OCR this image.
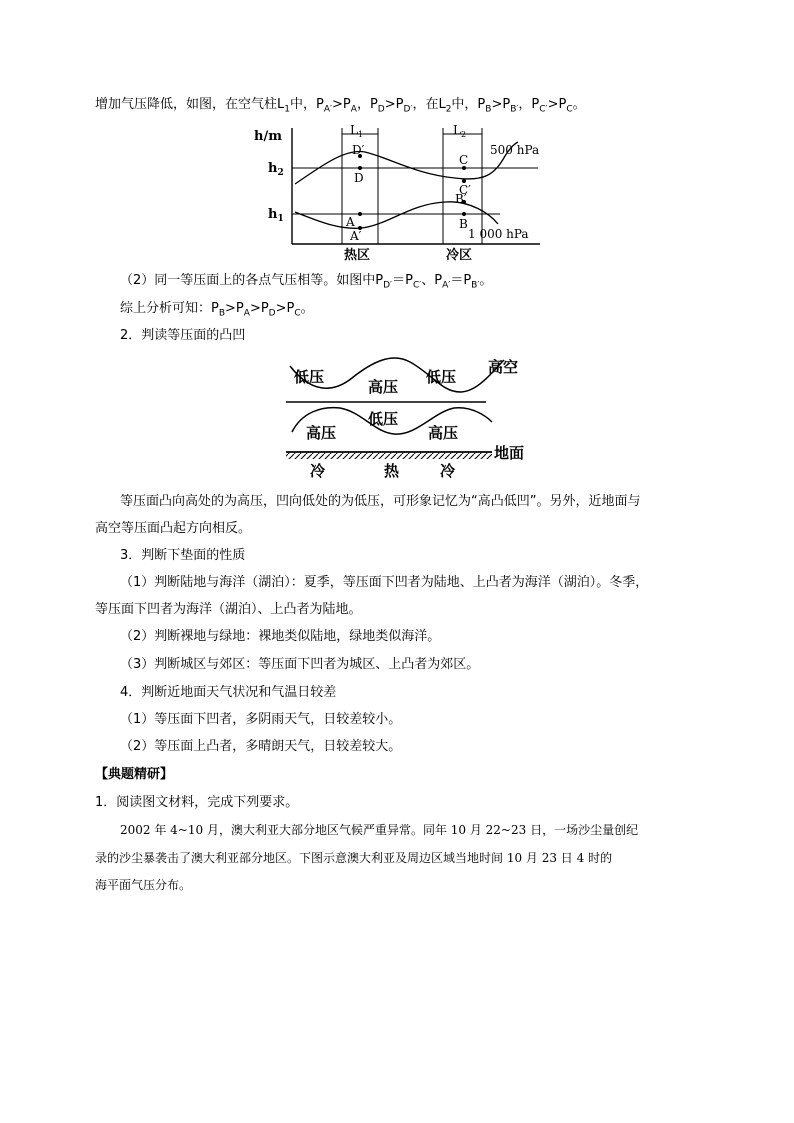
增加气压降低，如图，在空气柱$L_1$中，$P_{A'}>P_A$，$P_D>P_{D'}$，在$L_2$中，$P_B>P_{B'}$，$P_{C'}>P_C$。
h/m
$h_2$
$h_1$
$L_1$	$L_2$
500 hPa
1 000 hPa
D′
D
A
A′
C
C′
B′
B
热区	冷区
（2）同一等压面上的各点气压相等。如图中$P_{D'}=P_{C'}$、$P_{A'}=P_{B'}$。
综上分析可知：$P_B>P_A>P_D>P_C$。
2．判读等压面的凸凹
低压
高压
低压
高空
低压
高压	高压
地面
冷	热	冷
等压面凸向高处的为高压，凹向低处的为低压，可形象记忆为“高凸低凹”。另外，近地面与
高空等压面凸起方向相反。
3．判断下垫面的性质
（1）判断陆地与海洋（湖泊）：夏季，等压面下凹者为陆地、上凸者为海洋（湖泊）。冬季，
等压面下凹者为海洋（湖泊）、上凸者为陆地。
（2）判断裸地与绿地：裸地类似陆地，绿地类似海洋。
（3）判断城区与郊区：等压面下凹者为城区、上凸者为郊区。
4．判断近地面天气状况和气温日较差
（1）等压面下凹者，多阴雨天气，日较差较小。
（2）等压面上凸者，多晴朗天气，日较差较大。
【典题精研】
1．阅读图文材料，完成下列要求。
2002 年 4~10 月，澳大利亚大部分地区气候严重异常。同年 10 月 22~23 日，一场沙尘量创纪
录的沙尘暴袭击了澳大利亚部分地区。下图示意澳大利亚及周边区域当地时间 10 月 23 日 4 时的
海平面气压分布。
